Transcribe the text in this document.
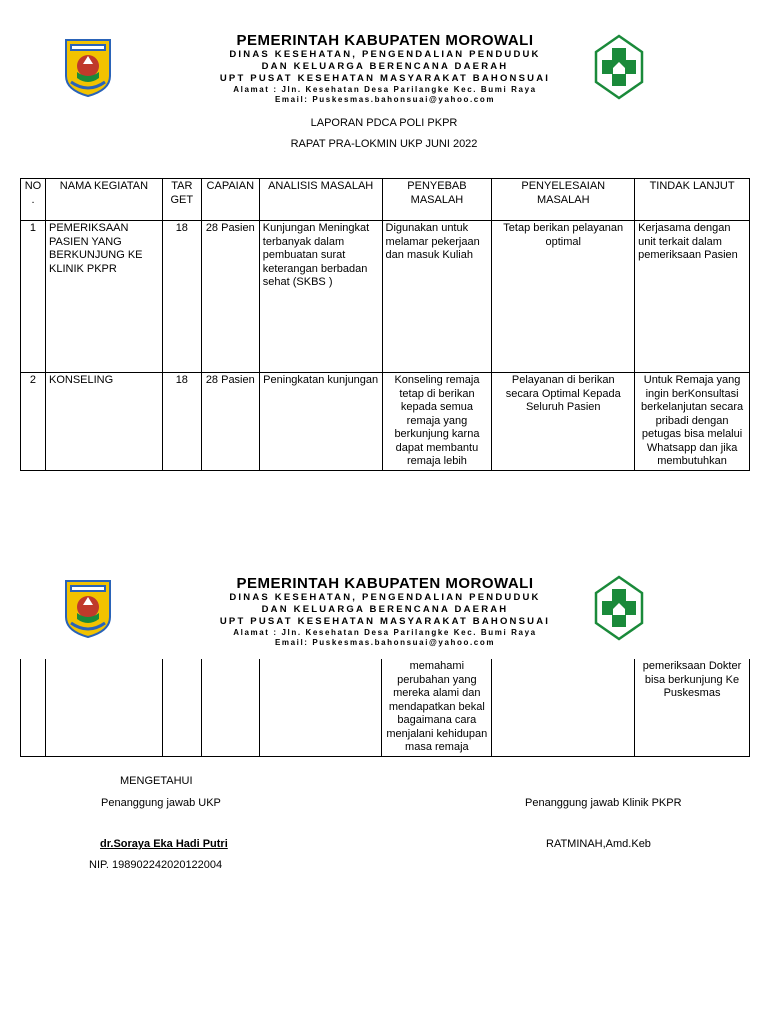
PEMERINTAH KABUPATEN MOROWALI
DINAS KESEHATAN, PENGENDALIAN PENDUDUK
DAN KELUARGA BERENCANA DAERAH
UPT PUSAT KESEHATAN MASYARAKAT BAHONSUAI
Alamat : Jln. Kesehatan Desa Parilangke Kec. Bumi Raya
Email: Puskesmas.bahonsuai@yahoo.com
LAPORAN PDCA POLI PKPR
RAPAT PRA-LOKMIN UKP JUNI 2022
NO .	NAMA KEGIATAN	TAR GET	CAPAIAN	ANALISIS MASALAH	PENYEBAB MASALAH	PENYELESAIAN MASALAH	TINDAK LANJUT
1	PEMERIKSAAN PASIEN YANG BERKUNJUNG KE KLINIK PKPR	18	28 Pasien	Kunjungan Meningkat terbanyak dalam pembuatan surat keterangan berbadan sehat (SKBS )	Digunakan untuk melamar pekerjaan dan masuk Kuliah	Tetap berikan pelayanan optimal	Kerjasama dengan unit terkait dalam pemeriksaan Pasien
2	KONSELING	18	28 Pasien	Peningkatan kunjungan	Konseling remaja tetap di berikan kepada semua remaja yang berkunjung karna dapat membantu remaja lebih	Pelayanan di berikan secara Optimal Kepada Seluruh Pasien	Untuk Remaja yang ingin berKonsultasi berkelanjutan secara pribadi dengan petugas bisa melalui Whatsapp dan jika membutuhkan
PEMERINTAH KABUPATEN MOROWALI
DINAS KESEHATAN, PENGENDALIAN PENDUDUK
DAN KELUARGA BERENCANA DAERAH
UPT PUSAT KESEHATAN MASYARAKAT BAHONSUAI
Alamat : Jln. Kesehatan Desa Parilangke Kec. Bumi Raya
Email: Puskesmas.bahonsuai@yahoo.com
					memahami perubahan yang mereka alami dan mendapatkan bekal bagaimana cara menjalani kehidupan masa remaja		pemeriksaan Dokter bisa berkunjung Ke Puskesmas
MENGETAHUI
Penanggung jawab UKP
dr.Soraya Eka Hadi Putri
NIP. 198902242020122004
Penanggung jawab Klinik PKPR
RATMINAH,Amd.Keb
